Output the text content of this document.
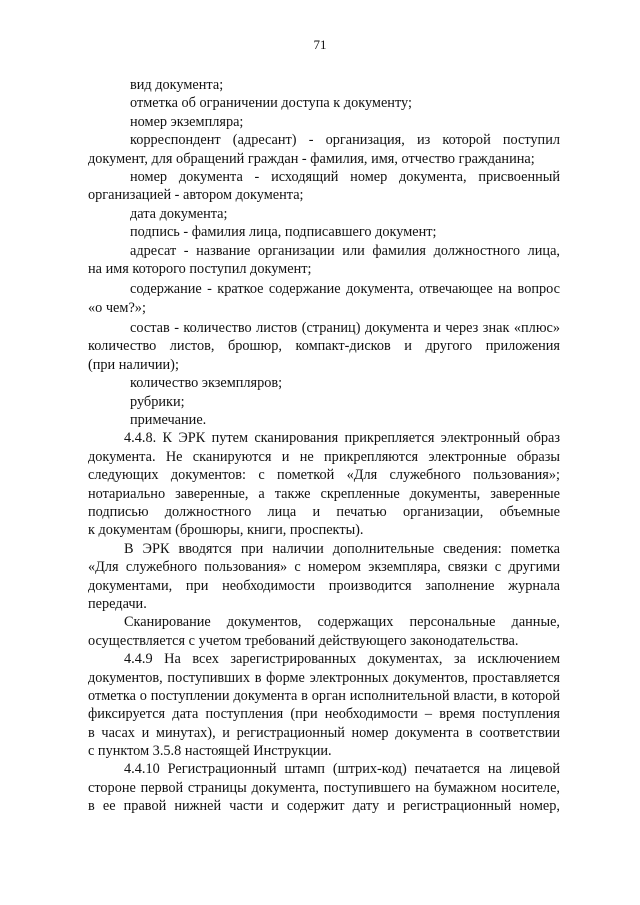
71
вид документа;
отметка об ограничении доступа к документу;
номер экземпляра;
корреспондент (адресант) - организация, из которой поступил
документ, для обращений граждан - фамилия, имя, отчество гражданина;
номер документа - исходящий номер документа, присвоенный
организацией - автором документа;
дата документа;
подпись - фамилия лица, подписавшего документ;
адресат - название организации или фамилия должностного лица,
на имя которого поступил документ;
содержание - краткое содержание документа, отвечающее на вопрос
«о чем?»;
состав - количество листов (страниц) документа и через знак «плюс»
количество листов, брошюр, компакт-дисков и другого приложения
(при наличии);
количество экземпляров;
рубрики;
примечание.
4.4.8. К ЭРК путем сканирования прикрепляется электронный образ
документа. Не сканируются и не прикрепляются электронные образы
следующих документов: с пометкой «Для служебного пользования»;
нотариально заверенные, а также скрепленные документы, заверенные
подписью должностного лица и печатью организации, объемные
к документам (брошюры, книги, проспекты).
В ЭРК вводятся при наличии дополнительные сведения: пометка
«Для служебного пользования» с номером экземпляра, связки с другими
документами, при необходимости производится заполнение журнала
передачи.
Сканирование документов, содержащих персональные данные,
осуществляется с учетом требований действующего законодательства.
4.4.9 На всех зарегистрированных документах, за исключением
документов, поступивших в форме электронных документов, проставляется
отметка о поступлении документа в орган исполнительной власти, в которой
фиксируется дата поступления (при необходимости – время поступления
в часах и минутах), и регистрационный номер документа в соответствии
с пунктом 3.5.8 настоящей Инструкции.
4.4.10 Регистрационный штамп (штрих-код) печатается на лицевой
стороне первой страницы документа, поступившего на бумажном носителе,
в ее правой нижней части и содержит дату и регистрационный номер,
